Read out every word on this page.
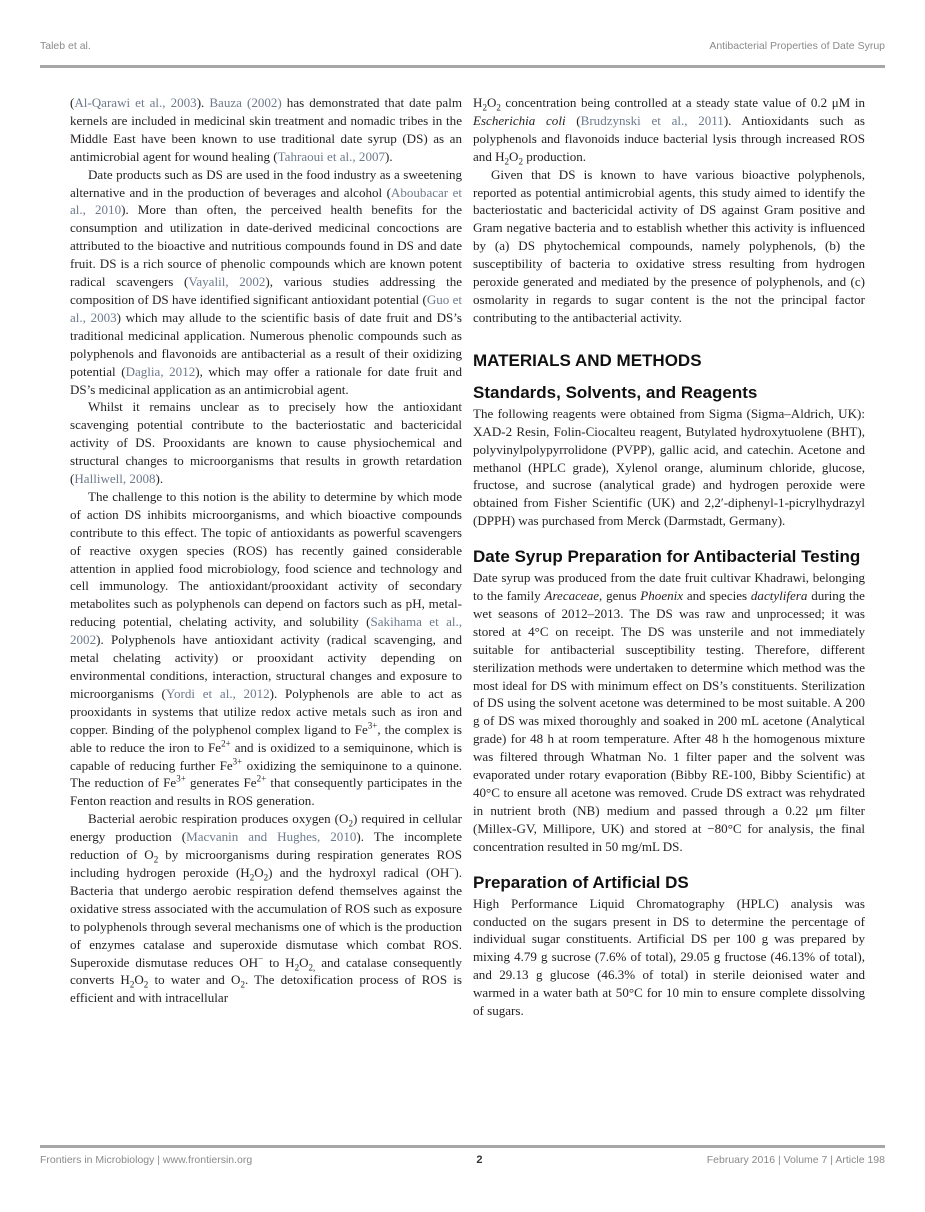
Taleb et al.	Antibacterial Properties of Date Syrup

(Al-Qarawi et al., 2003). Bauza (2002) has demonstrated that date palm kernels are included in medicinal skin treatment and nomadic tribes in the Middle East have been known to use traditional date syrup (DS) as an antimicrobial agent for wound healing (Tahraoui et al., 2007).

Date products such as DS are used in the food industry as a sweetening alternative and in the production of beverages and alcohol (Aboubacar et al., 2010). More than often, the perceived health benefits for the consumption and utilization in date-derived medicinal concoctions are attributed to the bioactive and nutritious compounds found in DS and date fruit. DS is a rich source of phenolic compounds which are known potent radical scavengers (Vayalil, 2002), various studies addressing the composition of DS have identified significant antioxidant potential (Guo et al., 2003) which may allude to the scientific basis of date fruit and DS’s traditional medicinal application. Numerous phenolic compounds such as polyphenols and flavonoids are antibacterial as a result of their oxidizing potential (Daglia, 2012), which may offer a rationale for date fruit and DS’s medicinal application as an antimicrobial agent.

Whilst it remains unclear as to precisely how the antioxidant scavenging potential contribute to the bacteriostatic and bactericidal activity of DS. Prooxidants are known to cause physiochemical and structural changes to microorganisms that results in growth retardation (Halliwell, 2008).

The challenge to this notion is the ability to determine by which mode of action DS inhibits microorganisms, and which bioactive compounds contribute to this effect. The topic of antioxidants as powerful scavengers of reactive oxygen species (ROS) has recently gained considerable attention in applied food microbiology, food science and technology and cell immunology. The antioxidant/prooxidant activity of secondary metabolites such as polyphenols can depend on factors such as pH, metal-reducing potential, chelating activity, and solubility (Sakihama et al., 2002). Polyphenols have antioxidant activity (radical scavenging, and metal chelating activity) or prooxidant activity depending on environmental conditions, interaction, structural changes and exposure to microorganisms (Yordi et al., 2012). Polyphenols are able to act as prooxidants in systems that utilize redox active metals such as iron and copper. Binding of the polyphenol complex ligand to $Fe^{3+}$, the complex is able to reduce the iron to $Fe^{2+}$ and is oxidized to a semiquinone, which is capable of reducing further $Fe^{3+}$ oxidizing the semiquinone to a quinone. The reduction of $Fe^{3+}$ generates $Fe^{2+}$ that consequently participates in the Fenton reaction and results in ROS generation.

Bacterial aerobic respiration produces oxygen $(O_2)$ required in cellular energy production (Macvanin and Hughes, 2010). The incomplete reduction of $O_2$ by microorganisms during respiration generates ROS including hydrogen peroxide $(H_2O_2)$ and the hydroxyl radical (OH−). Bacteria that undergo aerobic respiration defend themselves against the oxidative stress associated with the accumulation of ROS such as exposure to polyphenols through several mechanisms one of which is the production of enzymes catalase and superoxide dismutase which combat ROS. Superoxide dismutase reduces OH− to $H_2O_{2,}$ and catalase consequently converts $H_2O_2$ to water and $O_2$. The detoxification process of ROS is efficient and with intracellular

$H_2O_2$ concentration being controlled at a steady state value of 0.2 μM in Escherichia coli (Brudzynski et al., 2011). Antioxidants such as polyphenols and flavonoids induce bacterial lysis through increased ROS and $H_2O_2$ production.

Given that DS is known to have various bioactive polyphenols, reported as potential antimicrobial agents, this study aimed to identify the bacteriostatic and bactericidal activity of DS against Gram positive and Gram negative bacteria and to establish whether this activity is influenced by (a) DS phytochemical compounds, namely polyphenols, (b) the susceptibility of bacteria to oxidative stress resulting from hydrogen peroxide generated and mediated by the presence of polyphenols, and (c) osmolarity in regards to sugar content is the not the principal factor contributing to the antibacterial activity.

MATERIALS AND METHODS
Standards, Solvents, and Reagents

The following reagents were obtained from Sigma (Sigma–Aldrich, UK): XAD-2 Resin, Folin-Ciocalteu reagent, Butylated hydroxytuolene (BHT), polyvinylpolypyrrolidone (PVPP), gallic acid, and catechin. Acetone and methanol (HPLC grade), Xylenol orange, aluminum chloride, glucose, fructose, and sucrose (analytical grade) and hydrogen peroxide were obtained from Fisher Scientific (UK) and 2,2′-diphenyl-1-picrylhydrazyl (DPPH) was purchased from Merck (Darmstadt, Germany).

Date Syrup Preparation for Antibacterial Testing

Date syrup was produced from the date fruit cultivar Khadrawi, belonging to the family Arecaceae, genus Phoenix and species dactylifera during the wet seasons of 2012–2013. The DS was raw and unprocessed; it was stored at 4°C on receipt. The DS was unsterile and not immediately suitable for antibacterial susceptibility testing. Therefore, different sterilization methods were undertaken to determine which method was the most ideal for DS with minimum effect on DS’s constituents. Sterilization of DS using the solvent acetone was determined to be most suitable. A 200 g of DS was mixed thoroughly and soaked in 200 mL acetone (Analytical grade) for 48 h at room temperature. After 48 h the homogenous mixture was filtered through Whatman No. 1 filter paper and the solvent was evaporated under rotary evaporation (Bibby RE-100, Bibby Scientific) at 40°C to ensure all acetone was removed. Crude DS extract was rehydrated in nutrient broth (NB) medium and passed through a 0.22 μm filter (Millex-GV, Millipore, UK) and stored at −80°C for analysis, the final concentration resulted in 50 mg/mL DS.

Preparation of Artificial DS

High Performance Liquid Chromatography (HPLC) analysis was conducted on the sugars present in DS to determine the percentage of individual sugar constituents. Artificial DS per 100 g was prepared by mixing 4.79 g sucrose (7.6% of total), 29.05 g fructose (46.13% of total), and 29.13 g glucose (46.3% of total) in sterile deionised water and warmed in a water bath at 50°C for 10 min to ensure complete dissolving of sugars.

Frontiers in Microbiology | www.frontiersin.org	2	February 2016 | Volume 7 | Article 198
